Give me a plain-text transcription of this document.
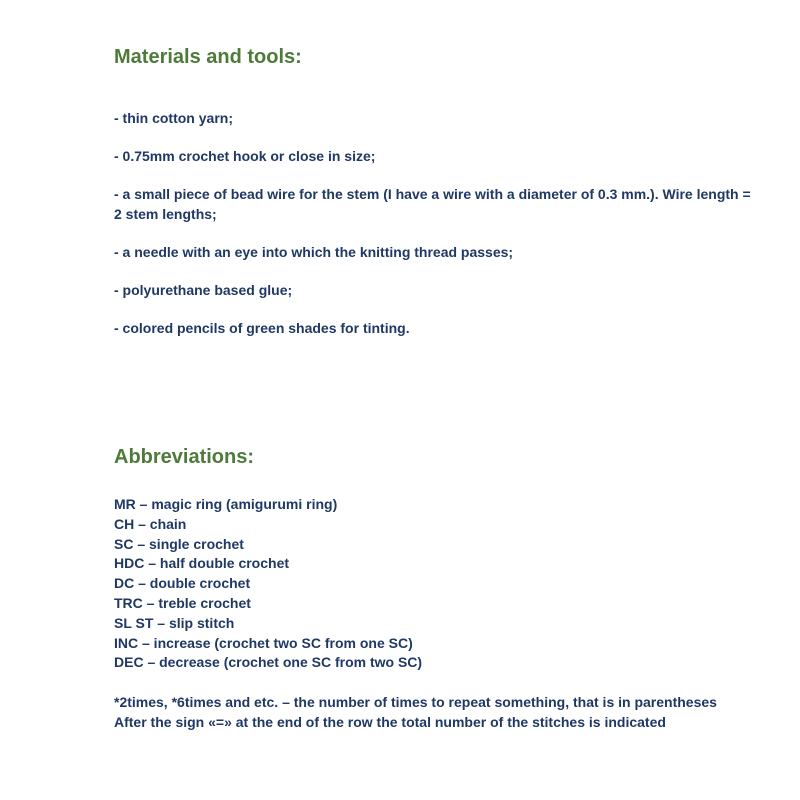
Materials and tools:
- thin cotton yarn;
- 0.75mm crochet hook or close in size;
- a small piece of bead wire for the stem (I have a wire with a diameter of 0.3 mm.). Wire length = 2 stem lengths;
- a needle with an eye into which the knitting thread passes;
- polyurethane based glue;
- colored pencils of green shades for tinting.
Abbreviations:
MR – magic ring (amigurumi ring)
CH – chain
SC – single crochet
HDC – half double crochet
DC – double crochet
TRC – treble crochet
SL ST – slip stitch
INC – increase (crochet two SC from one SC)
DEC – decrease (crochet one SC from two SC)

*2times, *6times and etc. – the number of times to repeat something, that is in parentheses

After the sign «=» at the end of the row the total number of the stitches is indicated
